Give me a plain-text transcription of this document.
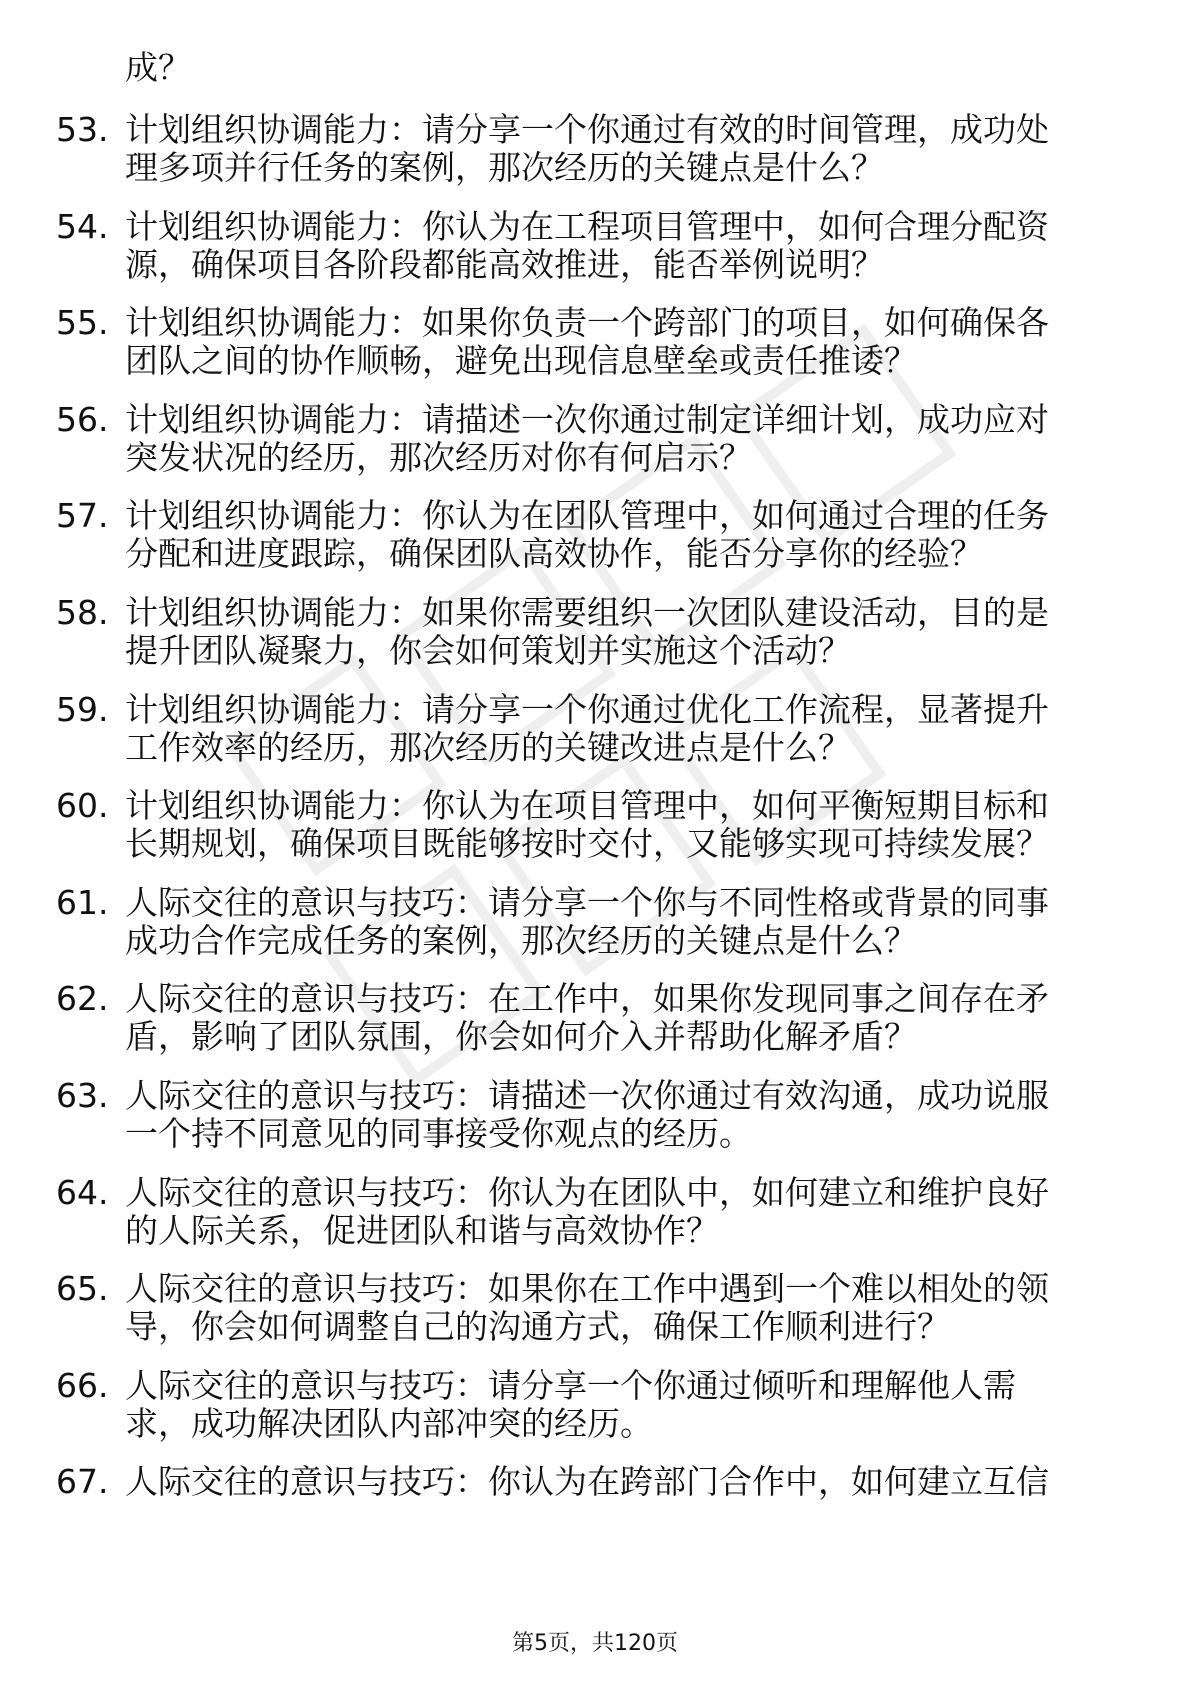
成？
53. 计划组织协调能力：请分享一个你通过有效的时间管理，成功处
理多项并行任务的案例，那次经历的关键点是什么？
54. 计划组织协调能力：你认为在工程项目管理中，如何合理分配资
源，确保项目各阶段都能高效推进，能否举例说明？
55. 计划组织协调能力：如果你负责一个跨部门的项目，如何确保各
团队之间的协作顺畅，避免出现信息壁垒或责任推诿？
56. 计划组织协调能力：请描述一次你通过制定详细计划，成功应对
突发状况的经历，那次经历对你有何启示？
57. 计划组织协调能力：你认为在团队管理中，如何通过合理的任务
分配和进度跟踪，确保团队高效协作，能否分享你的经验？
58. 计划组织协调能力：如果你需要组织一次团队建设活动，目的是
提升团队凝聚力，你会如何策划并实施这个活动？
59. 计划组织协调能力：请分享一个你通过优化工作流程，显著提升
工作效率的经历，那次经历的关键改进点是什么？
60. 计划组织协调能力：你认为在项目管理中，如何平衡短期目标和
长期规划，确保项目既能够按时交付，又能够实现可持续发展？
61. 人际交往的意识与技巧：请分享一个你与不同性格或背景的同事
成功合作完成任务的案例，那次经历的关键点是什么？
62. 人际交往的意识与技巧：在工作中，如果你发现同事之间存在矛
盾，影响了团队氛围，你会如何介入并帮助化解矛盾？
63. 人际交往的意识与技巧：请描述一次你通过有效沟通，成功说服
一个持不同意见的同事接受你观点的经历。
64. 人际交往的意识与技巧：你认为在团队中，如何建立和维护良好
的人际关系，促进团队和谐与高效协作？
65. 人际交往的意识与技巧：如果你在工作中遇到一个难以相处的领
导，你会如何调整自己的沟通方式，确保工作顺利进行？
66. 人际交往的意识与技巧：请分享一个你通过倾听和理解他人需
求，成功解决团队内部冲突的经历。
67. 人际交往的意识与技巧：你认为在跨部门合作中，如何建立互信
第5页，共120页
